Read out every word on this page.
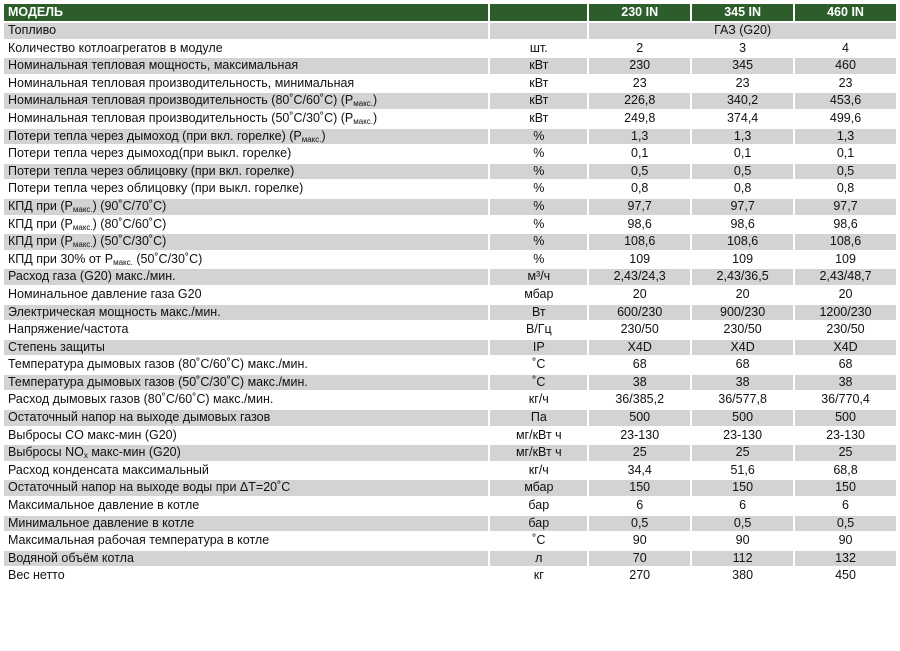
МОДЕЛЬ		230 IN	345 IN	460 IN
Топливо		ГАЗ (G20)		
Количество котлоагрегатов в модуле	шт.	2	3	4
Номинальная тепловая мощность, максимальная	кВт	230	345	460
Номинальная тепловая производительность, минимальная	кВт	23	23	23
Номинальная тепловая производительность (80˚C/60˚C) $(P_{макс.})$	кВт	226,8	340,2	453,6
Номинальная тепловая производительность (50˚C/30˚C) $(P_{макс.})$	кВт	249,8	374,4	499,6
Потери тепла через дымоход (при вкл. горелке) $(P_{макс.})$	%	1,3	1,3	1,3
Потери тепла через дымоход(при выкл. горелке)	%	0,1	0,1	0,1
Потери тепла через облицовку (при вкл. горелке)	%	0,5	0,5	0,5
Потери тепла через облицовку (при выкл. горелке)	%	0,8	0,8	0,8
КПД при $(P_{макс.})$ (90˚C/70˚C)	%	97,7	97,7	97,7
КПД при $(P_{макс.})$ (80˚C/60˚C)	%	98,6	98,6	98,6
КПД при $(P_{макс.})$ (50˚C/30˚C)	%	108,6	108,6	108,6
КПД при 30% от $P_{макс.}$ (50˚C/30˚C)	%	109	109	109
Расход газа (G20) макс./мин.	м³/ч	2,43/24,3	2,43/36,5	2,43/48,7
Номинальное давление газа G20	мбар	20	20	20
Электрическая мощность макс./мин.	Вт	600/230	900/230	1200/230
Напряжение/частота	В/Гц	230/50	230/50	230/50
Степень защиты	IP	X4D	X4D	X4D
Температура дымовых газов (80˚C/60˚C) макс./мин.	˚C	68	68	68
Температура дымовых газов (50˚C/30˚C) макс./мин.	˚C	38	38	38
Расход дымовых газов (80˚C/60˚C) макс./мин.	кг/ч	36/385,2	36/577,8	36/770,4
Остаточный напор на выходе дымовых газов	Па	500	500	500
Выбросы CO макс-мин (G20)	мг/кВт ч	23-130	23-130	23-130
Выбросы $NO_x$ макс-мин (G20)	мг/кВт ч	25	25	25
Расход конденсата максимальный	кг/ч	34,4	51,6	68,8
Остаточный напор на выходе воды при ΔT=20˚C	мбар	150	150	150
Максимальное давление в котле	бар	6	6	6
Минимальное давление в котле	бар	0,5	0,5	0,5
Максимальная рабочая температура в котле	˚C	90	90	90
Водяной объём котла	л	70	112	132
Вес нетто	кг	270	380	450
